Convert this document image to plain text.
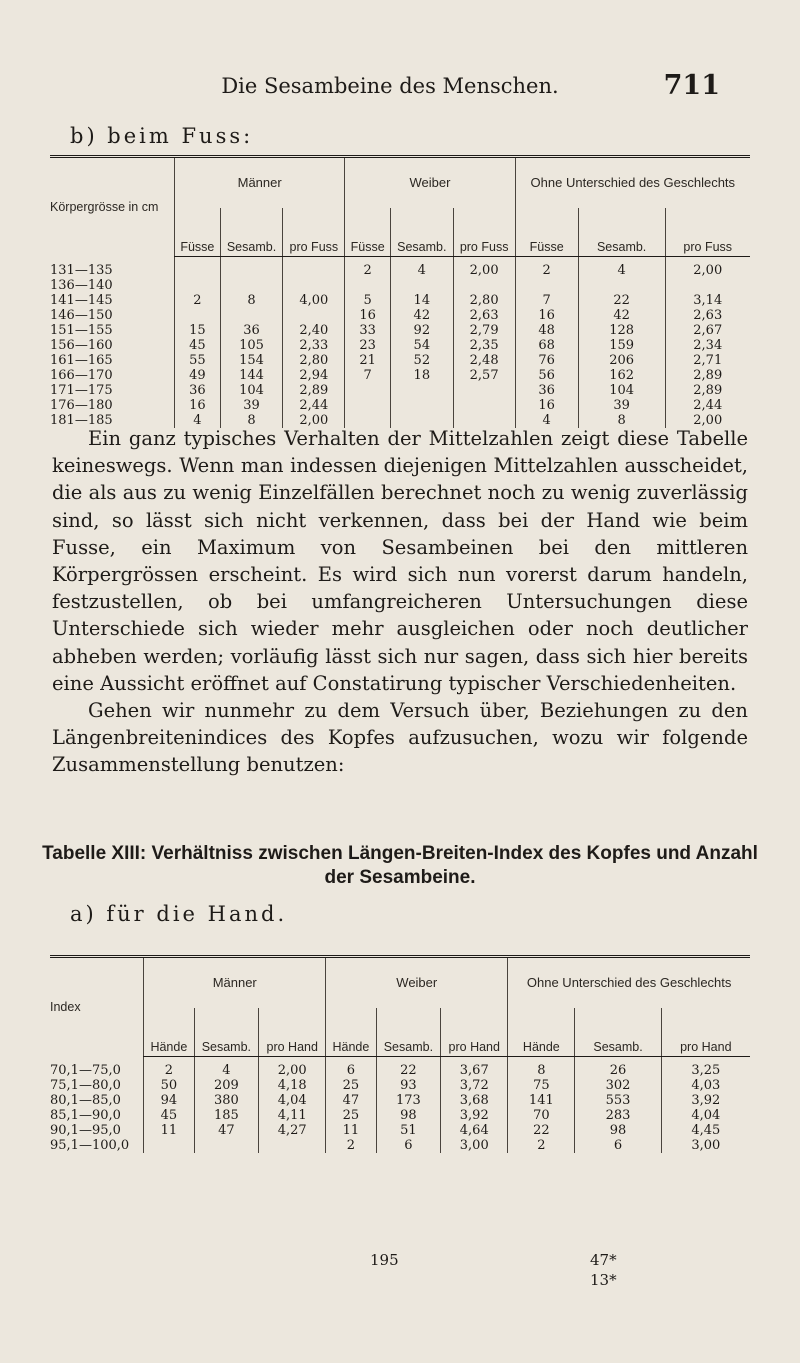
Die Sesambeine des Menschen.	711
b) beim Fuss:
Körpergrösse in cm	Männer			Weiber			Ohne Unterschied des Geschlechts		
	Füsse	Sesamb.	pro Fuss	Füsse	Sesamb.	pro Fuss	Füsse	Sesamb.	pro Fuss
131—135				2	4	2,00	2	4	2,00
136—140									
141—145	2	8	4,00	5	14	2,80	7	22	3,14
146—150				16	42	2,63	16	42	2,63
151—155	15	36	2,40	33	92	2,79	48	128	2,67
156—160	45	105	2,33	23	54	2,35	68	159	2,34
161—165	55	154	2,80	21	52	2,48	76	206	2,71
166—170	49	144	2,94	7	18	2,57	56	162	2,89
171—175	36	104	2,89				36	104	2,89
176—180	16	39	2,44				16	39	2,44
181—185	4	8	2,00				4	8	2,00

Ein ganz typisches Verhalten der Mittelzahlen zeigt diese Tabelle keineswegs. Wenn man indessen diejenigen Mittelzahlen ausscheidet, die als aus zu wenig Einzelfällen berechnet noch zu wenig zuverlässig sind, so lässt sich nicht verkennen, dass bei der Hand wie beim Fusse, ein Maximum von Sesambeinen bei den mittleren Körpergrössen erscheint. Es wird sich nun vorerst darum handeln, festzustellen, ob bei umfangreicheren Untersuchungen diese Unterschiede sich wieder mehr ausgleichen oder noch deutlicher abheben werden; vorläufig lässt sich nur sagen, dass sich hier bereits eine Aussicht eröffnet auf Constatirung typischer Verschiedenheiten.

Gehen wir nunmehr zu dem Versuch über, Beziehungen zu den Längenbreitenindices des Kopfes aufzusuchen, wozu wir folgende Zusammenstellung benutzen:

Tabelle XIII: Verhältniss zwischen Längen-Breiten-Index des Kopfes und Anzahl der Sesambeine.
a) für die Hand.
Index	Männer			Weiber			Ohne Unterschied des Geschlechts		
	Hände	Sesamb.	pro Hand	Hände	Sesamb.	pro Hand	Hände	Sesamb.	pro Hand
70,1—75,0	2	4	2,00	6	22	3,67	8	26	3,25
75,1—80,0	50	209	4,18	25	93	3,72	75	302	4,03
80,1—85,0	94	380	4,04	47	173	3,68	141	553	3,92
85,1—90,0	45	185	4,11	25	98	3,92	70	283	4,04
90,1—95,0	11	47	4,27	11	51	4,64	22	98	4,45
95,1—100,0				2	6	3,00	2	6	3,00
195	47*
13*
